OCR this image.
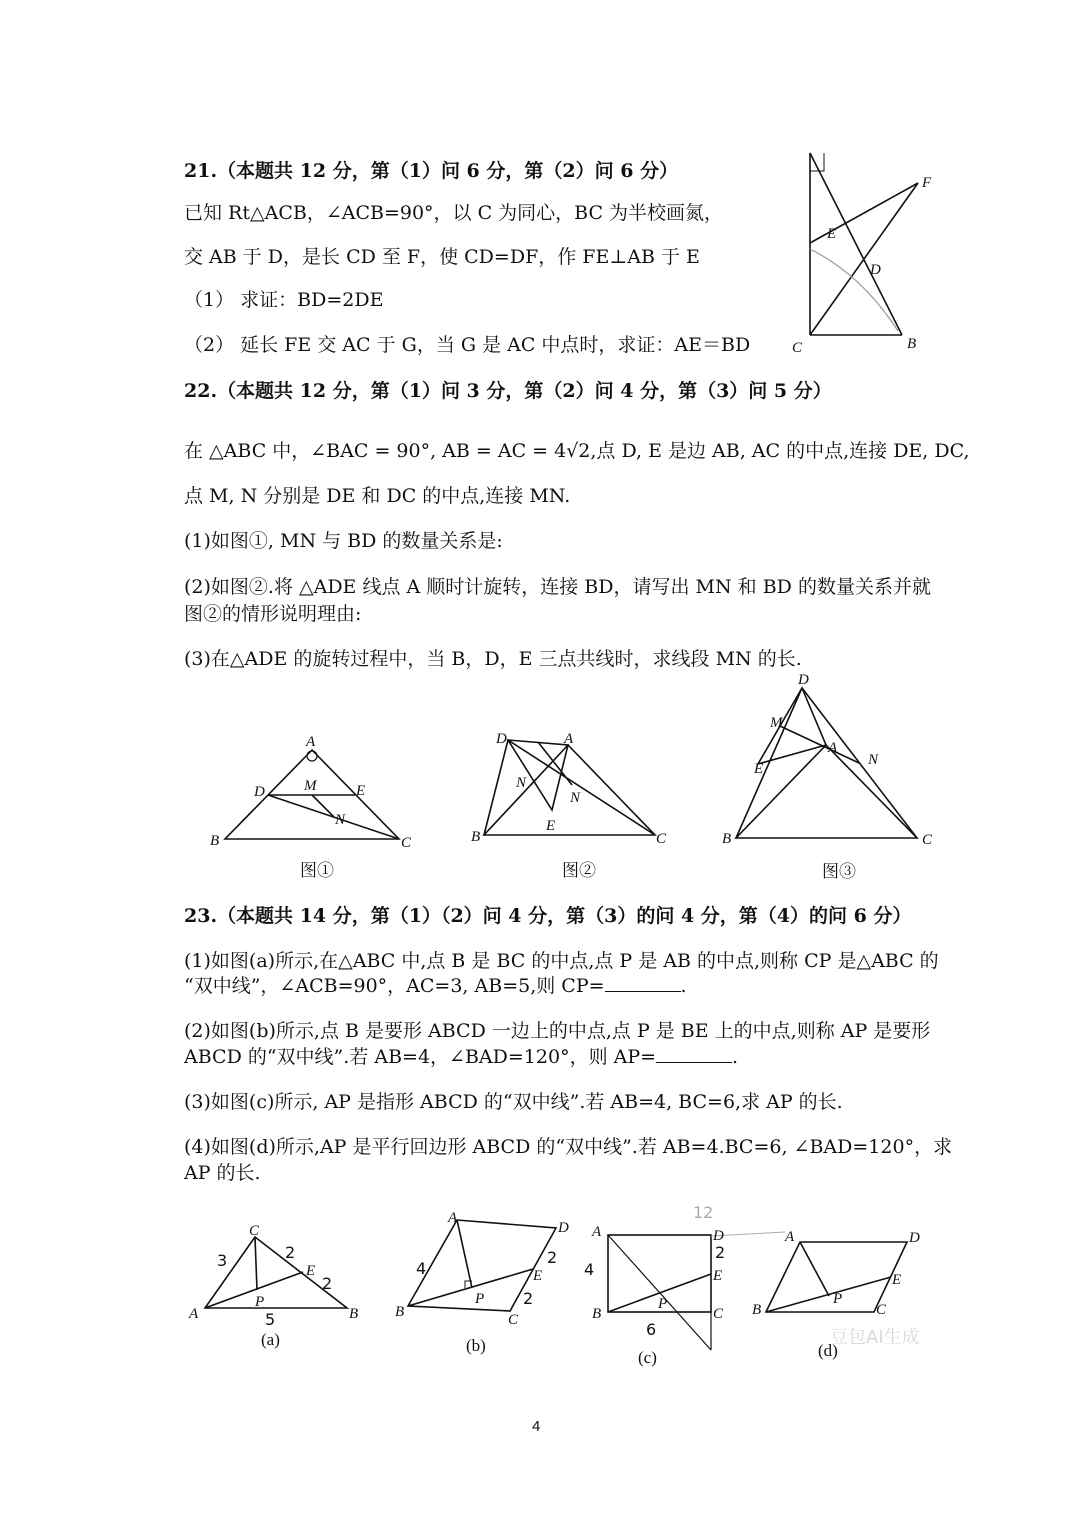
21.（本题共 12 分，第（1）问 6 分，第（2）问 6 分）
已知 Rt△ACB，∠ACB=90°，以 C 为同心，BC 为半校画氮，
交 AB 于 D，是长 CD 至 F，使 CD=DF，作 FE⊥AB 于 E
（1） 求证：BD=2DE
（2） 延长 FE 交 AC 于 G，当 G 是 AC 中点时，求证：AE＝BD
F
E
D
C	B
22.（本题共 12 分，第（1）问 3 分，第（2）问 4 分，第（3）问 5 分）
在 △ABC 中，∠BAC = 90°, AB = AC = 4√2,点 D, E 是边 AB, AC 的中点,连接 DE, DC,
点 M, N 分别是 DE 和 DC 的中点,连接 MN.
(1)如图①, MN 与 BD 的数量关系是:
(2)如图②.将 △ADE 线点 A 顺时计旋转，连接 BD，请写出 MN 和 BD 的数量关系并就
图②的情形说明理由:
(3)在△ADE 的旋转过程中，当 B，D，E 三点共线时，求线段 MN 的长.
A
D	M	E
N
B	C
图①
D	A
N
N
E
B	C
图②
D
M
A
E
N
B	C
图③
23.（本题共 14 分，第（1）（2）问 4 分，第（3）的问 4 分，第（4）的问 6 分）
(1)如图(a)所示,在△ABC 中,点 B 是 BC 的中点,点 P 是 AB 的中点,则称 CP 是△ABC 的
“双中线”，∠ACB=90°，AC=3, AB=5,则 CP=	.
(2)如图(b)所示,点 B 是要形 ABCD 一边上的中点,点 P 是 BE 上的中点,则称 AP 是要形
ABCD 的“双中线”.若 AB=4，∠BAD=120°，则 AP=	.
(3)如图(c)所示, AP 是指形 ABCD 的“双中线”.若 AB=4, BC=6,求 AP 的长.
(4)如图(d)所示,AP 是平行回边形 ABCD 的“双中线”.若 AB=4.BC=6, ∠BAD=120°，求
AP 的长.
C
E
A
P
B
3	2
2
5
(a)
A
D
E
B
P
C
4
2
2
(b)
A	D
E
B
P
C
4
6
2
12
(c)
A	D
E
B
P
C
(d)
豆包AI生成
4
